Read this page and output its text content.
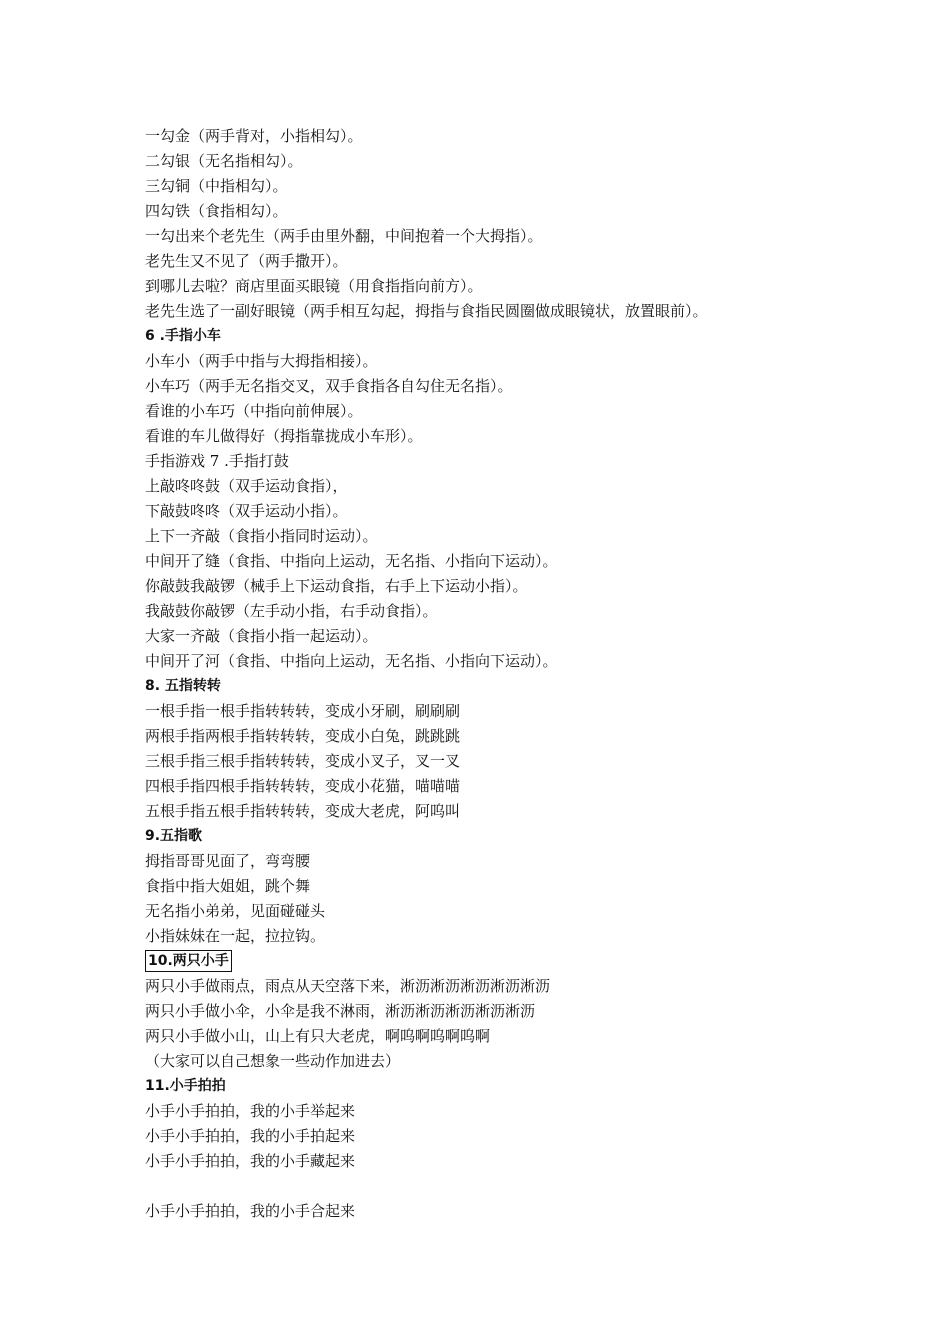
一勾金（两手背对，小指相勾）。
二勾银（无名指相勾）。
三勾铜（中指相勾）。
四勾铁（食指相勾）。
一勾出来个老先生（两手由里外翻，中间抱着一个大拇指）。
老先生又不见了（两手撒开）。
到哪儿去啦？商店里面买眼镜（用食指指向前方）。
老先生选了一副好眼镜（两手相互勾起，拇指与食指民圆圈做成眼镜状，放置眼前）。
6 .手指小车
小车小（两手中指与大拇指相接）。
小车巧（两手无名指交叉，双手食指各自勾住无名指）。
看谁的小车巧（中指向前伸展）。
看谁的车儿做得好（拇指靠拢成小车形）。
手指游戏 7 .手指打鼓
上敲咚咚鼓（双手运动食指），
下敲鼓咚咚（双手运动小指）。
上下一齐敲（食指小指同时运动）。
中间开了缝（食指、中指向上运动，无名指、小指向下运动）。
你敲鼓我敲锣（械手上下运动食指，右手上下运动小指）。
我敲鼓你敲锣（左手动小指，右手动食指）。
大家一齐敲（食指小指一起运动）。
中间开了河（食指、中指向上运动，无名指、小指向下运动）。
8. 五指转转
一根手指一根手指转转转，变成小牙刷，刷刷刷
两根手指两根手指转转转，变成小白兔，跳跳跳
三根手指三根手指转转转，变成小叉子，叉一叉
四根手指四根手指转转转，变成小花猫，喵喵喵
五根手指五根手指转转转，变成大老虎，阿呜叫
9.五指歌
拇指哥哥见面了，弯弯腰
食指中指大姐姐，跳个舞
无名指小弟弟，见面碰碰头
小指妹妹在一起，拉拉钩。
10.两只小手
两只小手做雨点，雨点从天空落下来，淅沥淅沥淅沥淅沥淅沥
两只小手做小伞，小伞是我不淋雨，淅沥淅沥淅沥淅沥淅沥
两只小手做小山，山上有只大老虎，啊呜啊呜啊呜啊
（大家可以自己想象一些动作加进去）
11.小手拍拍
小手小手拍拍，我的小手举起来
小手小手拍拍，我的小手拍起来
小手小手拍拍，我的小手藏起来
小手小手拍拍，我的小手合起来
